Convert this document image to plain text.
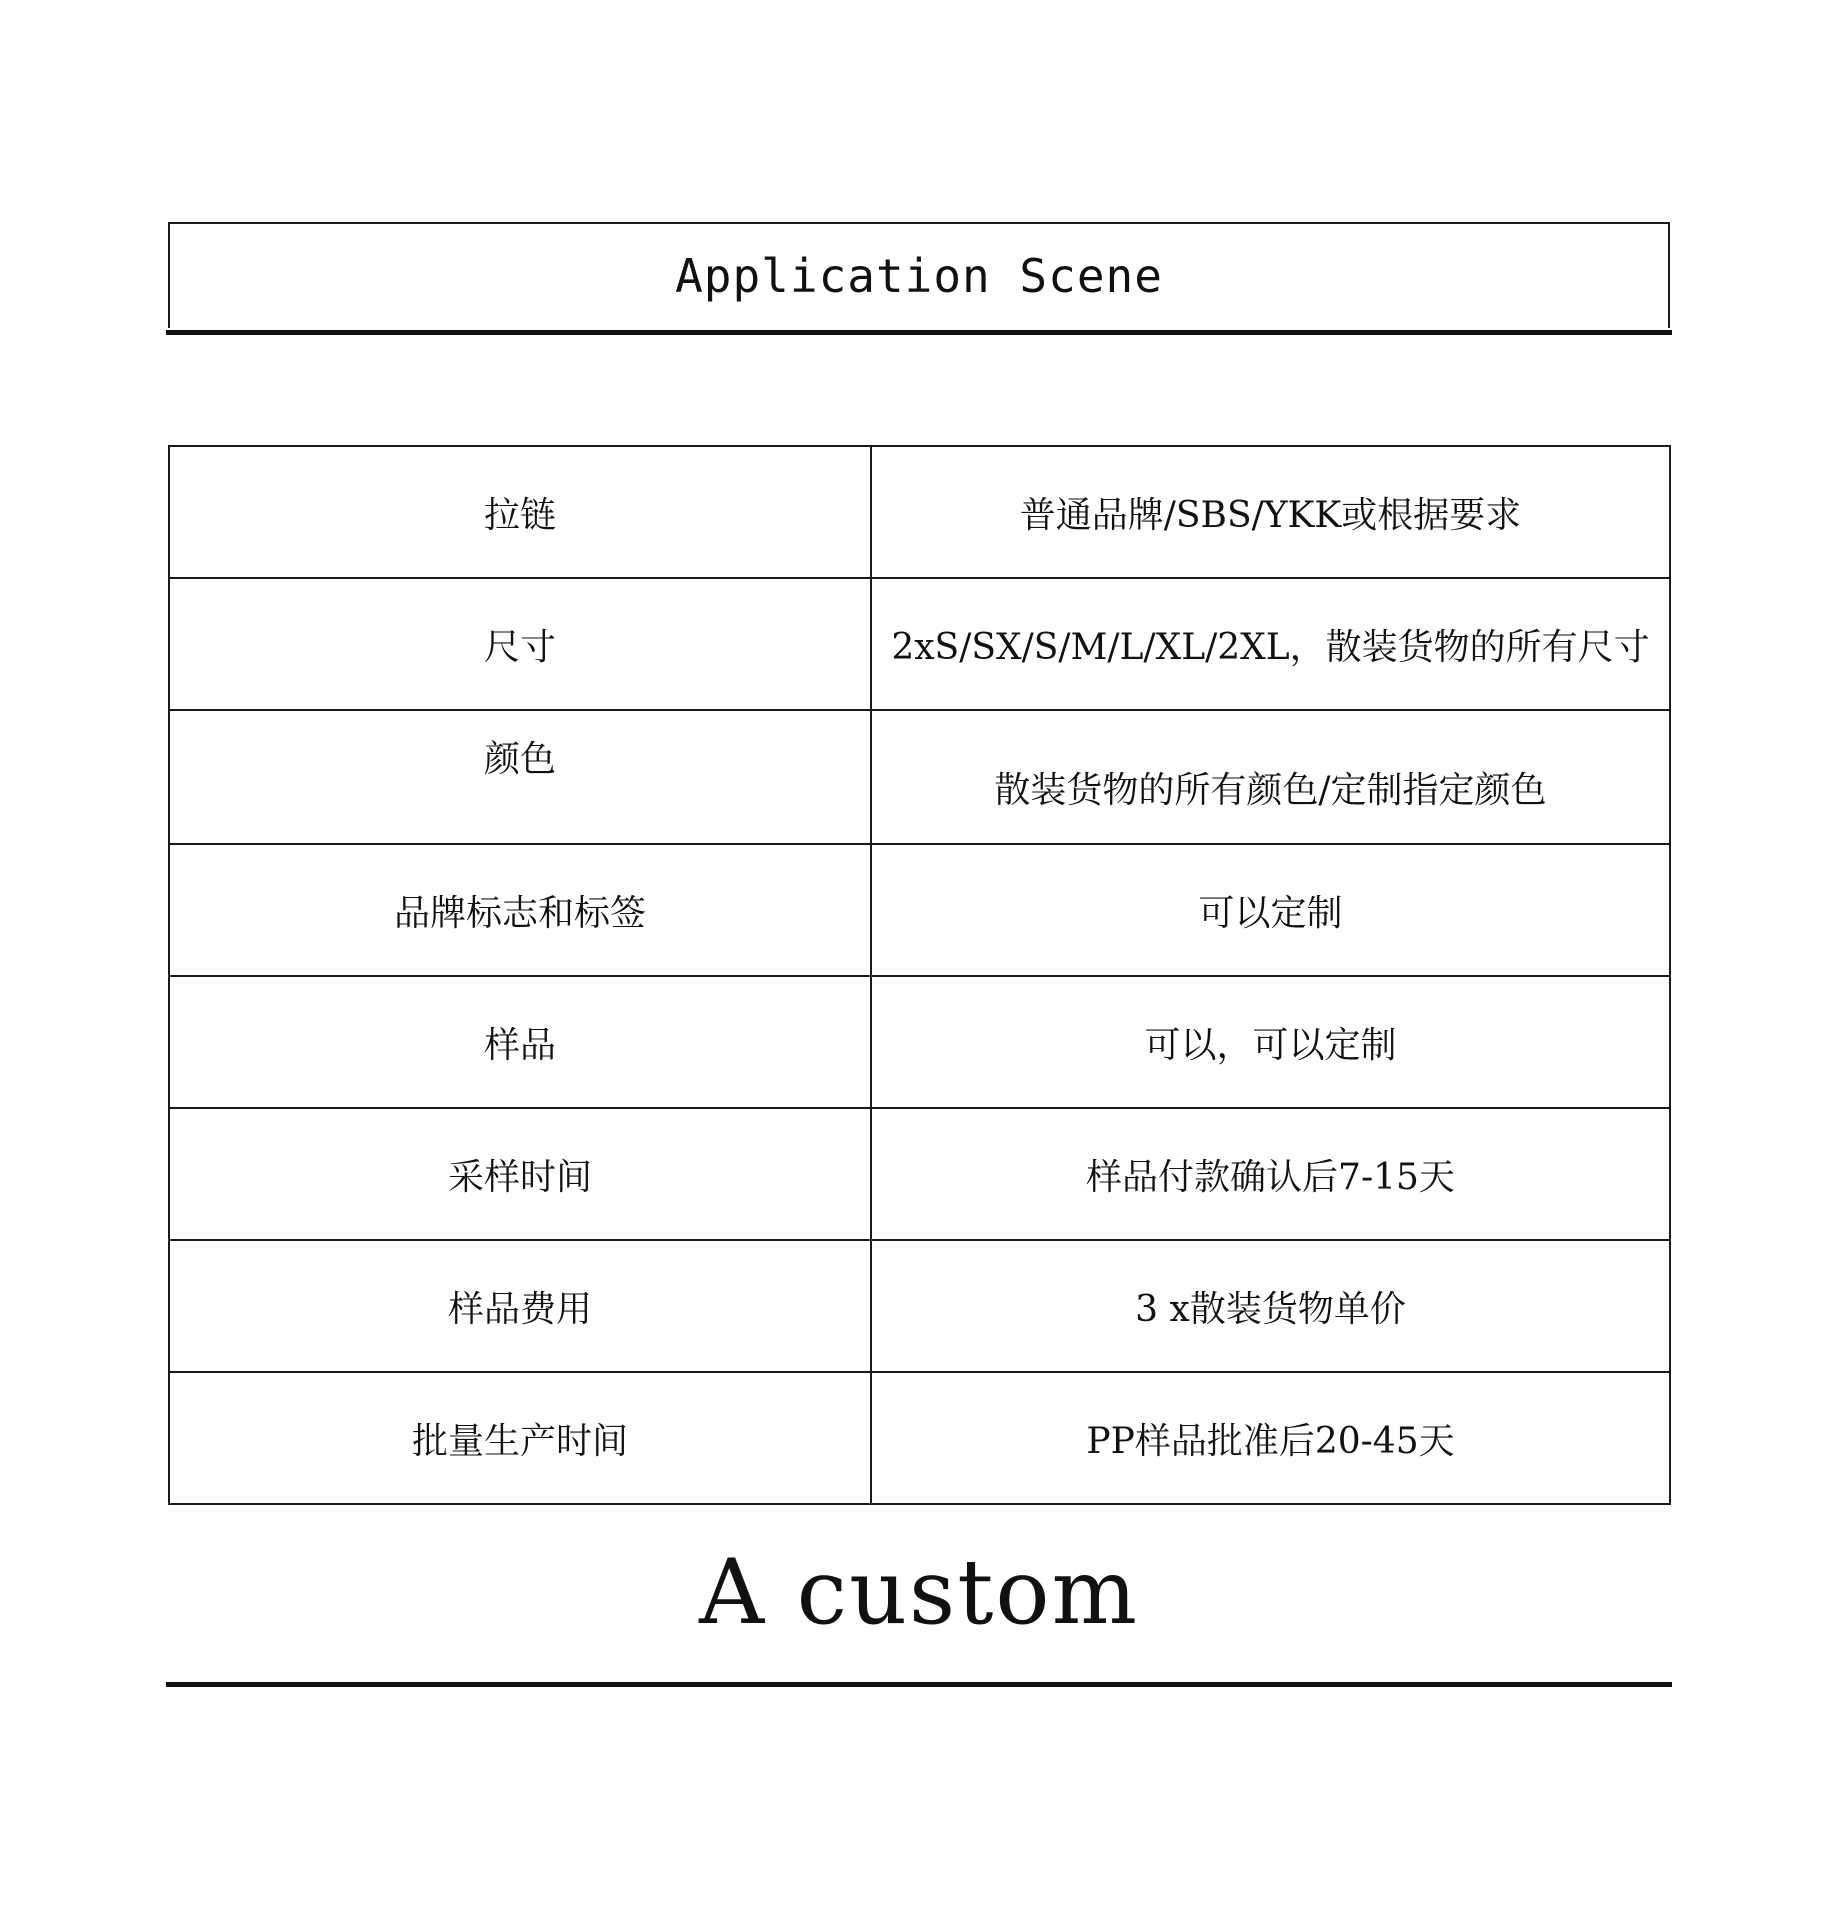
Application Scene
拉链	普通品牌/SBS/YKK或根据要求
尺寸	2xS/SX/S/M/L/XL/2XL，散装货物的所有尺寸
颜色	散装货物的所有颜色/定制指定颜色
品牌标志和标签	可以定制
样品	可以，可以定制
采样时间	样品付款确认后7-15天
样品费用	3 x散装货物单价
批量生产时间	PP样品批准后20-45天
A custom
